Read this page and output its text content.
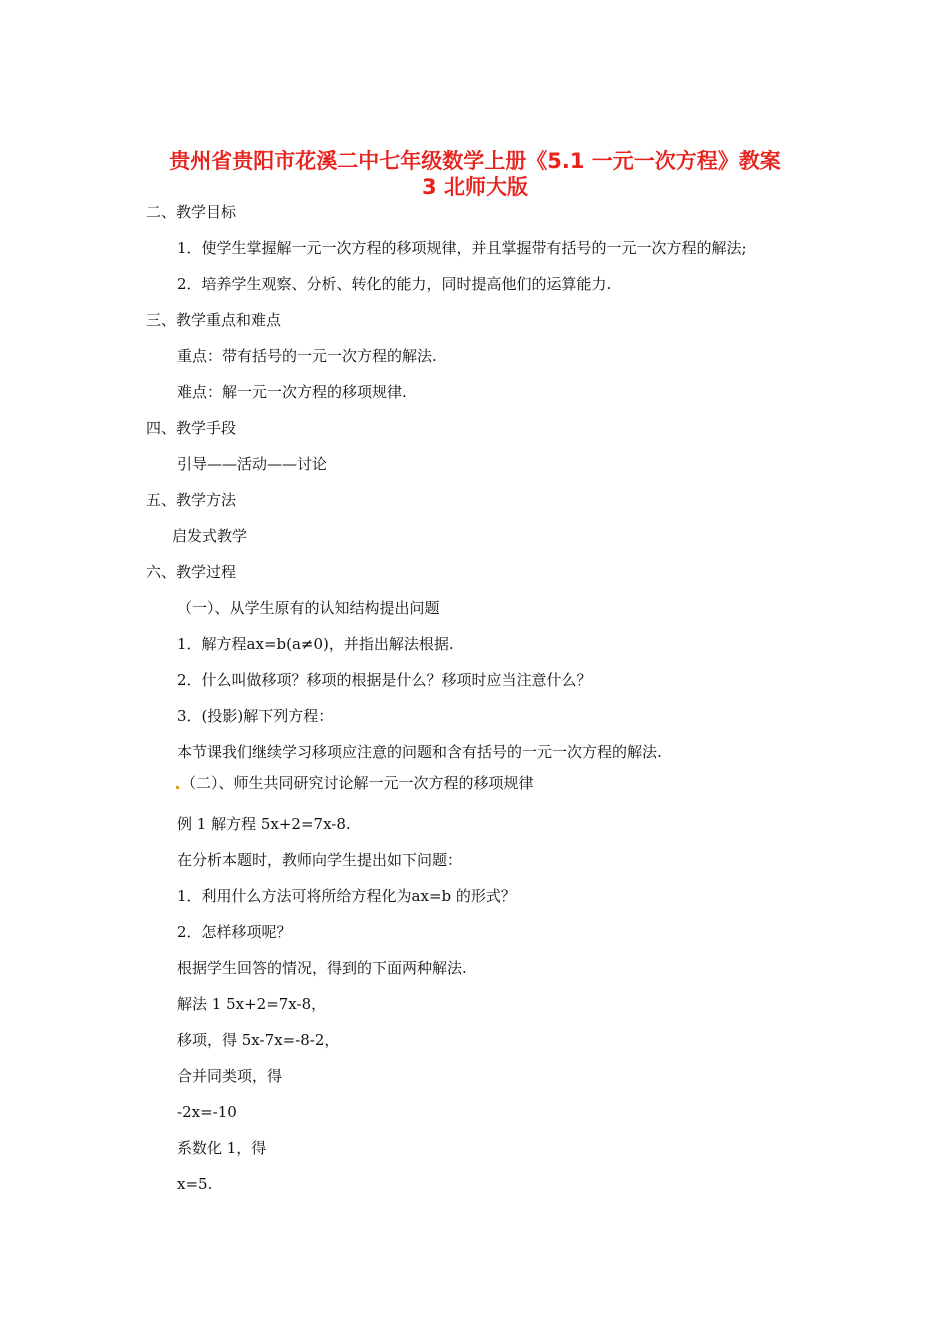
贵州省贵阳市花溪二中七年级数学上册《5.1 一元一次方程》教案
3 北师大版
二、教学目标
1．使学生掌握解一元一次方程的移项规律，并且掌握带有括号的一元一次方程的解法;
2．培养学生观察、分析、转化的能力，同时提高他们的运算能力.
三、教学重点和难点
重点：带有括号的一元一次方程的解法.
难点：解一元一次方程的移项规律.
四、教学手段
引导——活动——讨论
五、教学方法
启发式教学
六、教学过程
（一）、从学生原有的认知结构提出问题
1．解方程ax=b(a≠0)，并指出解法根据.
2．什么叫做移项？移项的根据是什么？移项时应当注意什么？
3．(投影)解下列方程：
本节课我们继续学习移项应注意的问题和含有括号的一元一次方程的解法.
（二）、师生共同研究讨论解一元一次方程的移项规律
例 1 解方程 5x+2=7x-8.
在分析本题时，教师向学生提出如下问题：
1．利用什么方法可将所给方程化为ax=b 的形式？
2．怎样移项呢？
根据学生回答的情况，得到的下面两种解法.
解法 1 5x+2=7x-8，
移项，得 5x-7x=-8-2，
合并同类项，得
-2x=-10
系数化 1，得
x=5.
